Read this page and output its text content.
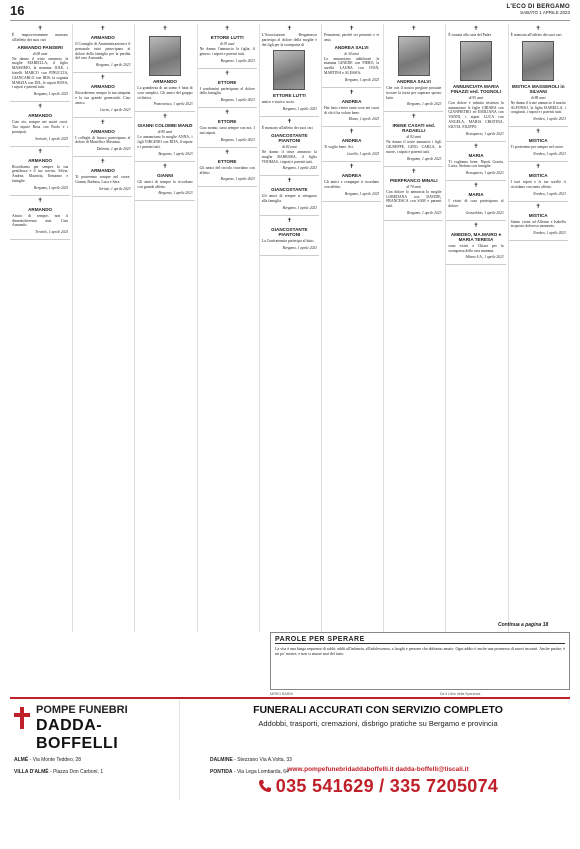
16	L'ECO DI BERGAMO
SABATO 1 APRILE 2023
✝

È improvvisamente mancato all'affetto dei suoi cari

ARMANDO PANSERI
di 68 anni

Ne danno il triste annuncio la moglie MARIELLA, il figlio MASSIMO, la mamma JOLE, i fratelli MARCO con PINUCCIA, GIANCARLO con IRIS, la cognata MARZIA con DIL, le nipoti ROSA, i nipoti e parenti tutti.

Bergamo, 1 aprile 2023
✝
ARMANDO

Ciao zio, sempre nei nostri cuori. Tua nipote Rosa con Paolo e i pronipoti.

Sorisole, 1 aprile 2023
✝
ARMANDO

Ricordiamo per sempre la tua gentilezza e il tuo sorriso. Silvia, Andrea, Maurizia, Ermanno e famiglie.

Bergamo, 1 aprile 2023
✝
ARMANDO

Amico di sempre, non ti dimenticheremo mai. Ciao Armando.

Treviolo, 1 aprile 2023
✝
ARMANDO

Il Consiglio di Amministrazione e il personale tutto partecipano al dolore della famiglia per la perdita del caro Armando.

Bergamo, 1 aprile 2023
✝
ARMANDO

Ricorderemo sempre la tua simpatia e la tua grande generosità. Ciao amico.

Curno, 1 aprile 2023
✝
ARMANDO

I colleghi di lavoro partecipano al dolore di Mariella e Massimo.

Dalmine, 1 aprile 2023
✝
ARMANDO

Ti porteremo sempre nel cuore. Gianni, Barbara, Luca e Sara.

Seriate, 1 aprile 2023
✝
ARMANDO

La grandezza di un uomo è fatta di cose semplici. Gli amici del gruppo ciclistico.

Ponteranica, 1 aprile 2023
✝
GIANNI COLOMBI MANZI
di 80 anni

Lo annunciano la moglie ANNA, i figli VIRGINIO con RITA, il nipote e i parenti tutti.

Bergamo, 1 aprile 2023
✝
GIANNI

Gli amici di sempre lo ricordano con grande affetto.

Bergamo, 1 aprile 2023
✝
ETTORE LUTTI
di 93 anni

Ne danno l'annuncio la figlia, il genero, i nipoti e parenti tutti.

Bergamo, 1 aprile 2023
✝
ETTORE

I condomini partecipano al dolore della famiglia.

Bergamo, 1 aprile 2023
✝
ETTORE

Ciao nonno, sarai sempre con noi. I tuoi nipoti.

Bergamo, 1 aprile 2023
✝
ETTORE

Gli amici del circolo ricordano con affetto.

Bergamo, 1 aprile 2023
✝

L'Associazione Bergamasca partecipa al dolore della moglie e dei figli per la scomparsa di

ETTORE LUTTI

amico e storico socio.

Bergamo, 1 aprile 2023
✝

È mancato all'affetto dei suoi cari

GIANCOSTANTE PIANTONI
di 82 anni

Ne danno il triste annuncio la moglie BARBARA, il figlio THOMAS, i nipoti e parenti tutti.

Bergamo, 1 aprile 2023
✝
GIANCOSTANTE

Gli amici di sempre si stringono alla famiglia.

Bergamo, 1 aprile 2023
✝
GIANCOSTANTE PIANTONI

La Confraternita partecipa al lutto.

Bergamo, 1 aprile 2023
✝

Pensatemi, perché sei presente e vi amo.

ANDREA SALVI
di 34 anni

Lo annunciano addolorati la mamma GINEDE con PIERO, la sorella LAURA con IVAN, MARTINA e ALESSIA.

Bergamo, 1 aprile 2023
✝
ANDREA

Hai fatto vivere tante cose nei cuori di chi ti ha voluto bene.

Mozzo, 1 aprile 2023
✝
ANDREA

Ti voglio bene. Ari.

Lavello, 1 aprile 2023
✝
ANDREA

Gli amici e compagni ti ricordano con affetto.

Bergamo, 1 aprile 2023
✝
ANDREA SALVI

Che con il nostro pregiare possiate trovare la forza per superare questo lutto.

Bergamo, 1 aprile 2023
✝
IRENE CASATI ved. RADAELLI
di 92 anni

Ne danno il triste annuncio i figli GIUSEPPE, GINO, CARLA, le nuore, i nipoti e parenti tutti.

Bergamo, 1 aprile 2023
✝
PIERFRANCO MINALI
di 70 anni

Con dolore lo annuncia la moglie LOREDANA con DAVIDE, FRANCESCA con SAM e parenti tutti.

Bergamo, 1 aprile 2023
✝

È tornata alla casa del Padre

ANNUNCIATA MARIA FINAZZI ved. TOGNOLI
di 95 anni

Con dolore e infinita tristezza la annunciano le figlie CHIARA con GIANPIETRO ed EMILIANA con VANNI, i nipoti LUCA con ANGELA, MARIA CRISTINA, SILVIA, FILIPPO.

Brusaporto, 1 aprile 2023
✝
MARIA

Ti vogliamo bene. Nipoti Grazia, Lucia, Stefano con famiglie.

Brusaporto, 1 aprile 2023
✝
MARIA

I vicini di casa partecipano al dolore.

Grassobbio, 1 aprile 2023
✝
AMEDEO, MA.MAIRO e MARIA TERESA

sono vicini a Chiara per la scomparsa della cara mamma.

Albano S.A., 1 aprile 2023
✝

È mancato all'affetto dei suoi cari

MISTICA MASSEROLI in SILVANI
di 88 anni

Ne danno il triste annuncio il marito ALFONSO, la figlia ISABELLA, i congiunti, i nipoti e i parenti tutti.

Nembro, 1 aprile 2023
✝
MISTICA

Ti porteremo per sempre nel cuore.

Nembro, 1 aprile 2023
✝
MISTICA

I tuoi nipoti e le tue sorelle ti ricordano con tanto affetto.

Nembro, 1 aprile 2023
✝
MISTICA

Siamo vicini ad Alfonso e Isabella in questo doloroso momento.

Nembro, 1 aprile 2023
Continua a pagina 18
PAROLE PER SPERARE
La vita è una lunga sequenza di addii: addii all'infanzia, all'adolescenza, a luoghi e persone che abbiamo amato. Ogni addio è anche una promessa di nuovi incontri. Anche partire, è un po' morire, e non si muore mai del tutto.
NERIO BARNI	Da Il Libro della Speranza
POMPE FUNEBRI
DADDA-BOFFELLI
FUNERALI ACCURATI CON SERVIZIO COMPLETO
Addobbi, trasporti, cremazioni, disbrigo pratiche su Bergamo e provincia
www.pompefunebridaddaboffelli.it dadda-boffelli@tiscali.it
035 541629 / 335 7205074
ALMÈ - Via Monte Teddeo, 28	DALMINE - Stezzano Via A.Volta, 33
VILLA D'ALMÈ - Piazza Don Carboni, 1	PONTIDA - Via Lega Lombarda, 64
